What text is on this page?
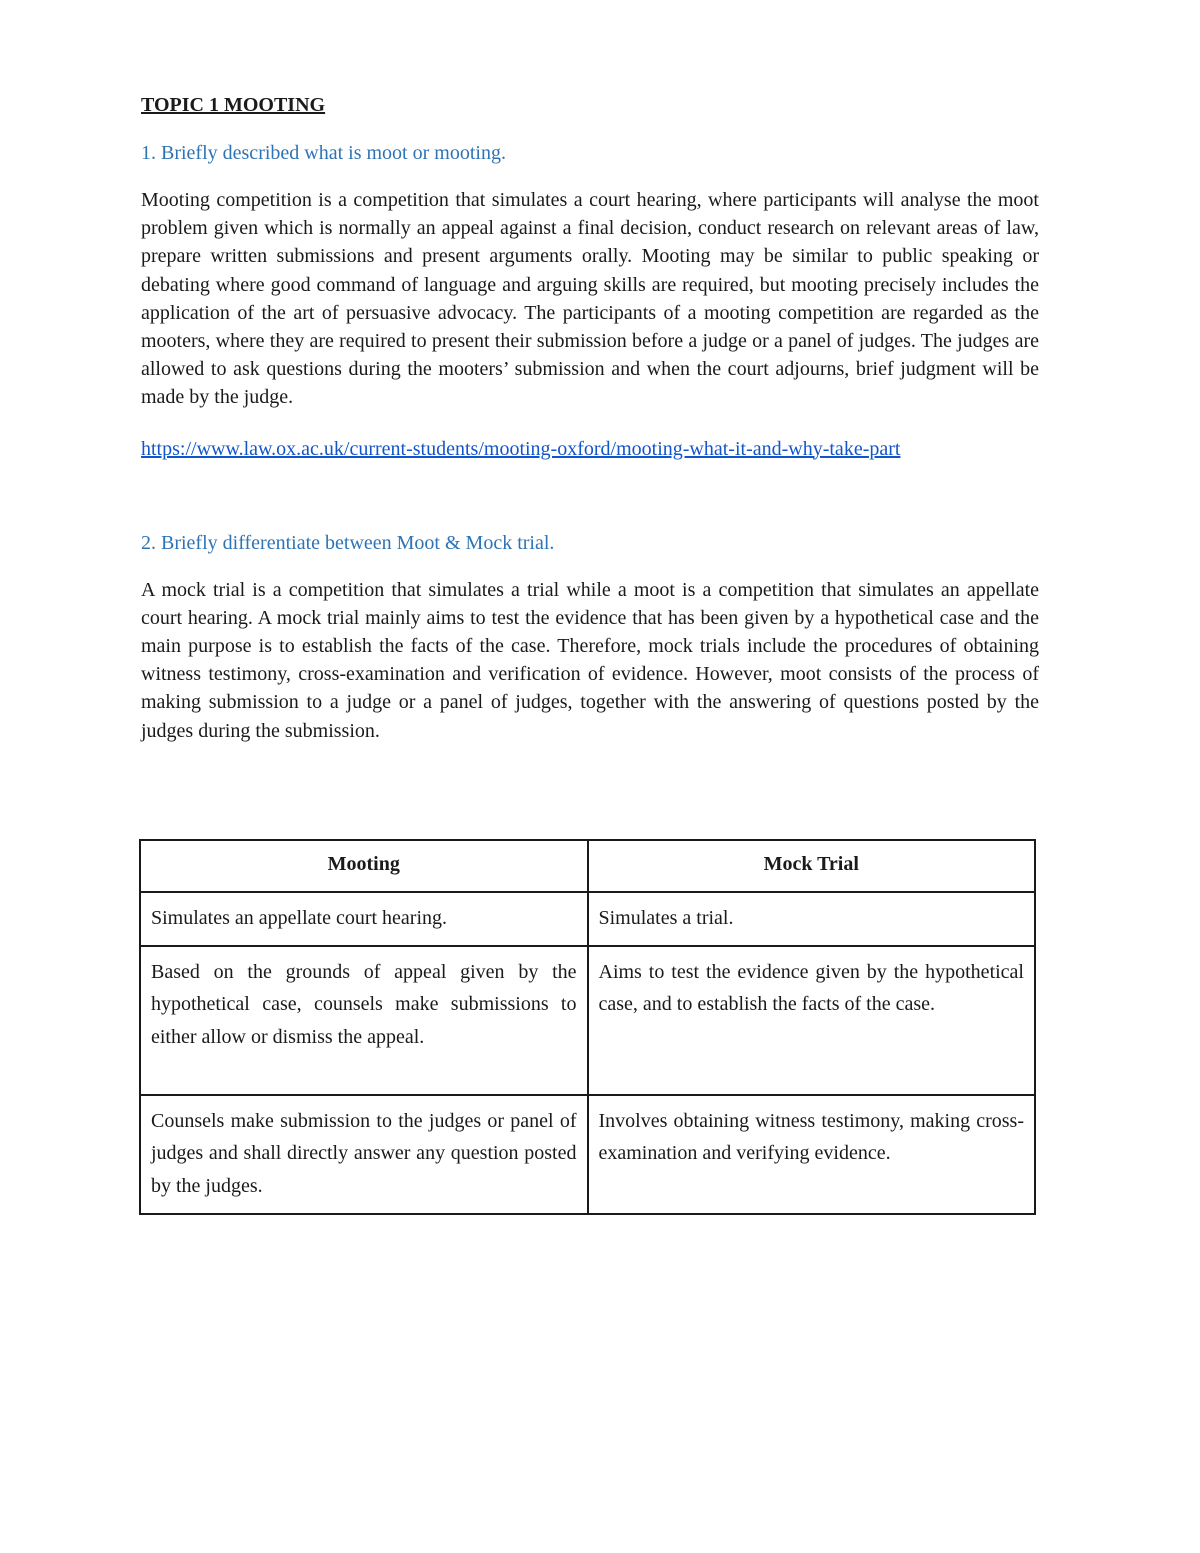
TOPIC 1 MOOTING
1. Briefly described what is moot or mooting.

Mooting competition is a competition that simulates a court hearing, where participants will analyse the moot problem given which is normally an appeal against a final decision, conduct research on relevant areas of law, prepare written submissions and present arguments orally. Mooting may be similar to public speaking or debating where good command of language and arguing skills are required, but mooting precisely includes the application of the art of persuasive advocacy. The participants of a mooting competition are regarded as the mooters, where they are required to present their submission before a judge or a panel of judges. The judges are allowed to ask questions during the mooters’ submission and when the court adjourns, brief judgment will be made by the judge.

https://www.law.ox.ac.uk/current-students/mooting-oxford/mooting-what-it-and-why-take-part
2. Briefly differentiate between Moot & Mock trial.

A mock trial is a competition that simulates a trial while a moot is a competition that simulates an appellate court hearing. A mock trial mainly aims to test the evidence that has been given by a hypothetical case and the main purpose is to establish the facts of the case. Therefore, mock trials include the procedures of obtaining witness testimony, cross-examination and verification of evidence. However, moot consists of the process of making submission to a judge or a panel of judges, together with the answering of questions posted by the judges during the submission.

Mooting	Mock Trial
Simulates an appellate court hearing.	Simulates a trial.
Based on the grounds of appeal given by the hypothetical case, counsels make submissions to either allow or dismiss the appeal.	Aims to test the evidence given by the hypothetical case, and to establish the facts of the case.
Counsels make submission to the judges or panel of judges and shall directly answer any question posted by the judges.	Involves obtaining witness testimony, making cross-examination and verifying evidence.
